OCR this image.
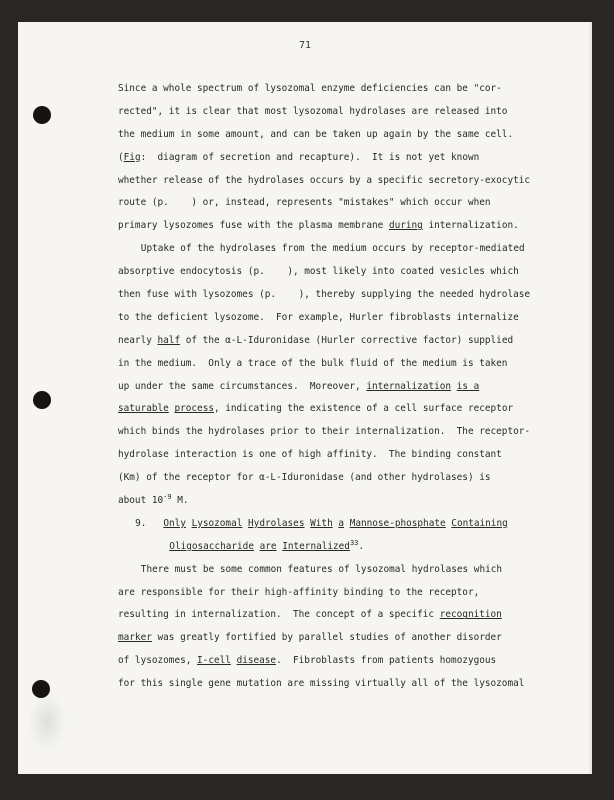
71
Since a whole spectrum of lysozomal enzyme deficiencies can be "cor-
rected", it is clear that most lysozomal hydrolases are released into
the medium in some amount, and can be taken up again by the same cell.
(Fig:  diagram of secretion and recapture).  It is not yet known
whether release of the hydrolases occurs by a specific secretory-exocytic
route (p.    ) or, instead, represents "mistakes" which occur when
primary lysozomes fuse with the plasma membrane during internalization.
Uptake of the hydrolases from the medium occurs by receptor-mediated
absorptive endocytosis (p.    ), most likely into coated vesicles which
then fuse with lysozomes (p.    ), thereby supplying the needed hydrolase
to the deficient lysozome.  For example, Hurler fibroblasts internalize
nearly half of the α-L-Iduronidase (Hurler corrective factor) supplied
in the medium.  Only a trace of the bulk fluid of the medium is taken
up under the same circumstances.  Moreover, internalization is a
saturable process, indicating the existence of a cell surface receptor
which binds the hydrolases prior to their internalization.  The receptor-
hydrolase interaction is one of high affinity.  The binding constant
(Km) of the receptor for α-L-Iduronidase (and other hydrolases) is
about $10^{-9}$ M.
9.   Only Lysozomal Hydrolases With a Mannose-phosphate Containing
Oligosaccharide are Internalized$^{33}$.
There must be some common features of lysozomal hydrolases which
are responsible for their high-affinity binding to the receptor,
resulting in internalization.  The concept of a specific recognition
marker was greatly fortified by parallel studies of another disorder
of lysozomes, I-cell disease.  Fibroblasts from patients homozygous
for this single gene mutation are missing virtually all of the lysozomal
